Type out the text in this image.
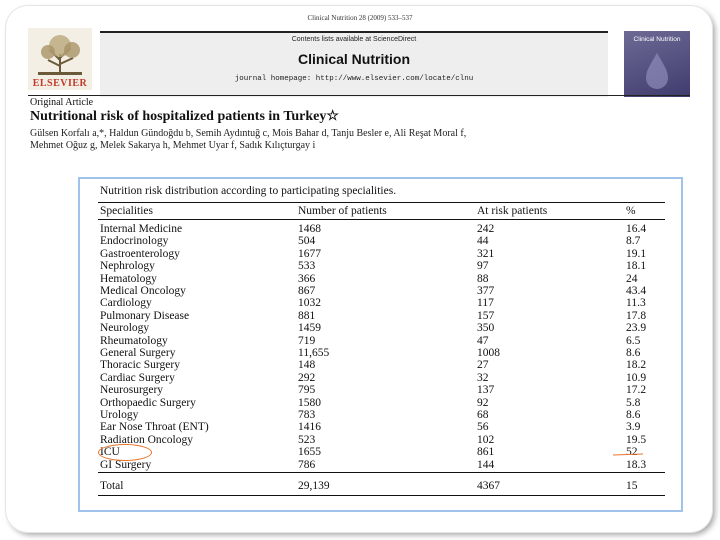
Clinical Nutrition 28 (2009) 533–537
ELSEVIER
Contents lists available at ScienceDirect
Clinical Nutrition
journal homepage: http://www.elsevier.com/locate/clnu
Clinical Nutrition
Original Article
Nutritional risk of hospitalized patients in Turkey☆
Gülsen Korfalı a,*, Haldun Gündoğdu b, Semih Aydıntuğ c, Mois Bahar d, Tanju Besler e, Ali Reşat Moral f,
Mehmet Oğuz g, Melek Sakarya h, Mehmet Uyar f, Sadık Kılıçturgay i
Nutrition risk distribution according to participating specialities.
Specialities	Number of patients	At risk patients	%
Internal Medicine	1468	242	16.4
Endocrinology	504	44	8.7
Gastroenterology	1677	321	19.1
Nephrology	533	97	18.1
Hematology	366	88	24
Medical Oncology	867	377	43.4
Cardiology	1032	117	11.3
Pulmonary Disease	881	157	17.8
Neurology	1459	350	23.9
Rheumatology	719	47	6.5
General Surgery	11,655	1008	8.6
Thoracic Surgery	148	27	18.2
Cardiac Surgery	292	32	10.9
Neurosurgery	795	137	17.2
Orthopaedic Surgery	1580	92	5.8
Urology	783	68	8.6
Ear Nose Throat (ENT)	1416	56	3.9
Radiation Oncology	523	102	19.5
ICU	1655	861	52
GI Surgery	786	144	18.3
Total	29,139	4367	15
